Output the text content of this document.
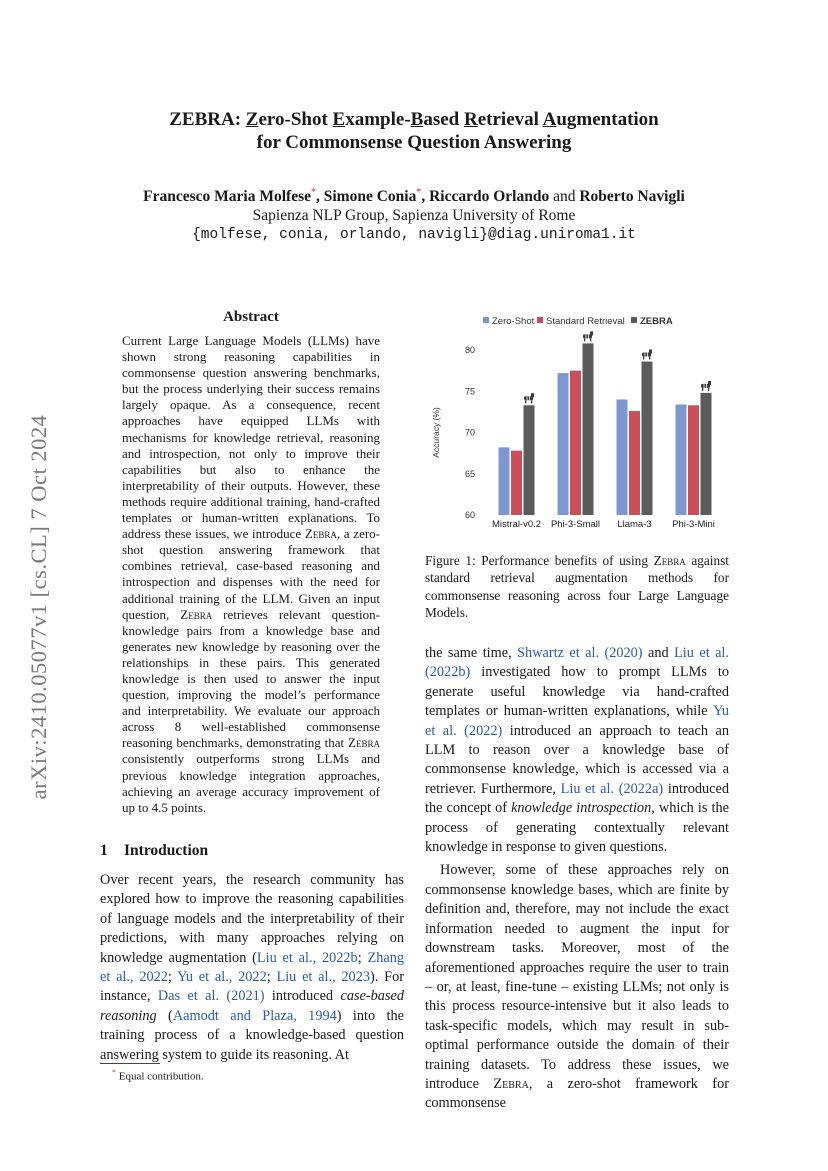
ZEBRA: Zero-Shot Example-Based Retrieval Augmentation
for Commonsense Question Answering
Francesco Maria Molfese*, Simone Conia*, Riccardo Orlando and Roberto Navigli
Sapienza NLP Group, Sapienza University of Rome
{molfese, conia, orlando, navigli}@diag.uniroma1.it
arXiv:2410.05077v1 [cs.CL] 7 Oct 2024
Abstract
Current Large Language Models (LLMs) have shown strong reasoning capabilities in commonsense question answering benchmarks, but the process underlying their success remains largely opaque. As a consequence, recent approaches have equipped LLMs with mechanisms for knowledge retrieval, reasoning and introspection, not only to improve their capabilities but also to enhance the interpretability of their outputs. However, these methods require additional training, hand-crafted templates or human-written explanations. To address these issues, we introduce Zebra, a zero-shot question answering framework that combines retrieval, case-based reasoning and introspection and dispenses with the need for additional training of the LLM. Given an input question, Zebra retrieves relevant question-knowledge pairs from a knowledge base and generates new knowledge by reasoning over the relationships in these pairs. This generated knowledge is then used to answer the input question, improving the model’s performance and interpretability. We evaluate our approach across 8 well-established commonsense reasoning benchmarks, demonstrating that Zebra consistently outperforms strong LLMs and previous knowledge integration approaches, achieving an average accuracy improvement of up to 4.5 points.
1 Introduction
Over recent years, the research community has explored how to improve the reasoning capabilities of language models and the interpretability of their predictions, with many approaches relying on knowledge augmentation (Liu et al., 2022b; Zhang et al., 2022; Yu et al., 2022; Liu et al., 2023). For instance, Das et al. (2021) introduced case-based reasoning (Aamodt and Plaza, 1994) into the training process of a knowledge-based question answering system to guide its reasoning. At
* Equal contribution.
Zero-Shot Standard Retrieval ZEBRA
60
65
70
75
80
Accuracy (%)
Mistral-v0.2 Phi-3-Small Llama-3 Phi-3-Mini
Figure 1: Performance benefits of using Zebra against standard retrieval augmentation methods for commonsense reasoning across four Large Language Models.

the same time, Shwartz et al. (2020) and Liu et al. (2022b) investigated how to prompt LLMs to generate useful knowledge via hand-crafted templates or human-written explanations, while Yu et al. (2022) introduced an approach to teach an LLM to reason over a knowledge base of commonsense knowledge, which is accessed via a retriever. Furthermore, Liu et al. (2022a) introduced the concept of knowledge introspection, which is the process of generating contextually relevant knowledge in response to given questions.

However, some of these approaches rely on commonsense knowledge bases, which are finite by definition and, therefore, may not include the exact information needed to augment the input for downstream tasks. Moreover, most of the aforementioned approaches require the user to train – or, at least, fine-tune – existing LLMs; not only is this process resource-intensive but it also leads to task-specific models, which may result in sub-optimal performance outside the domain of their training datasets. To address these issues, we introduce Zebra, a zero-shot framework for commonsense
